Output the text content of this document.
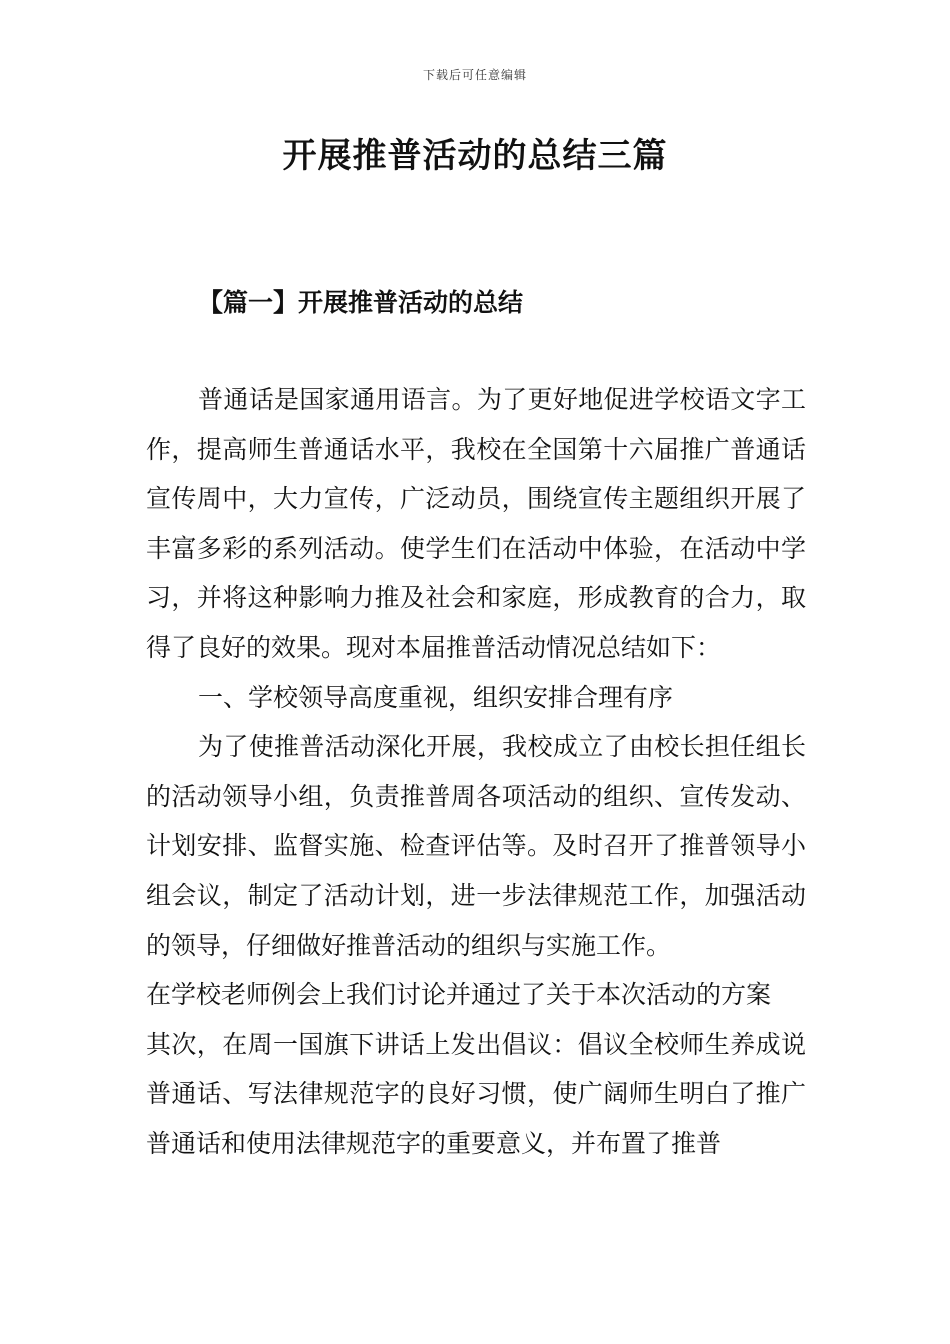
下载后可任意编辑
开展推普活动的总结三篇
【篇一】开展推普活动的总结

普通话是国家通用语言。为了更好地促进学校语文字工作，提高师生普通话水平，我校在全国第十六届推广普通话宣传周中，大力宣传，广泛动员，围绕宣传主题组织开展了丰富多彩的系列活动。使学生们在活动中体验，在活动中学习，并将这种影响力推及社会和家庭，形成教育的合力，取得了良好的效果。现对本届推普活动情况总结如下：

一、学校领导高度重视，组织安排合理有序

为了使推普活动深化开展，我校成立了由校长担任组长的活动领导小组，负责推普周各项活动的组织、宣传发动、计划安排、监督实施、检查评估等。及时召开了推普领导小组会议，制定了活动计划，进一步法律规范工作，加强活动的领导，仔细做好推普活动的组织与实施工作。

在学校老师例会上我们讨论并通过了关于本次活动的方案

其次，在周一国旗下讲话上发出倡议：倡议全校师生养成说普通话、写法律规范字的良好习惯，使广阔师生明白了推广普通话和使用法律规范字的重要意义，并布置了推普
